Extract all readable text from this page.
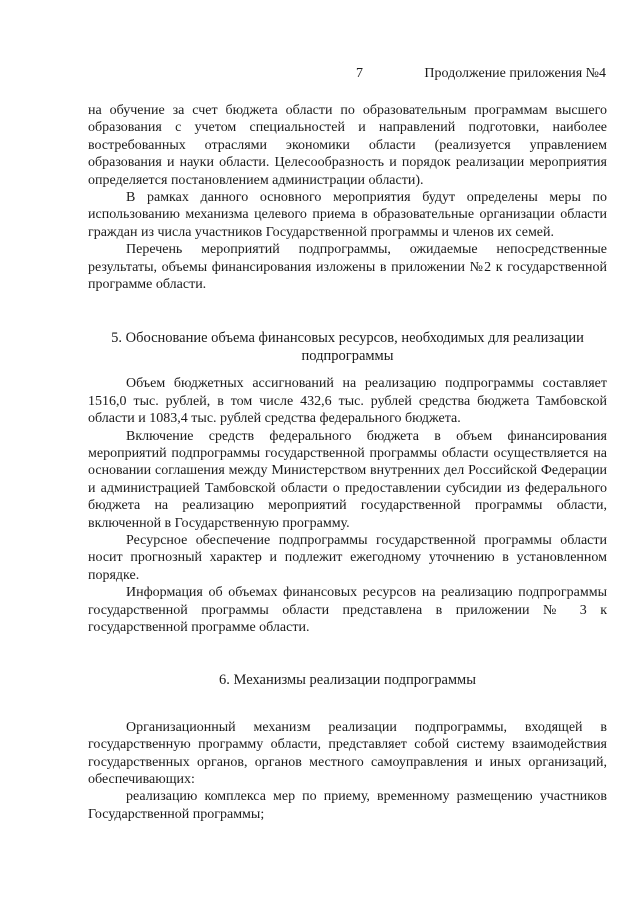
7	Продолжение приложения №4

на обучение за счет бюджета области по образовательным программам высшего образования с учетом специальностей и направлений подготовки, наиболее востребованных отраслями экономики области (реализуется управлением образования и науки области. Целесообразность и порядок реализации мероприятия определяется постановлением администрации области).

В рамках данного основного мероприятия будут определены меры по использованию механизма целевого приема в образовательные организации области граждан из числа участников Государственной программы и членов их семей.

Перечень мероприятий подпрограммы, ожидаемые непосредственные результаты, объемы финансирования изложены в приложении №2 к государственной программе области.

5. Обоснование объема финансовых ресурсов, необходимых для реализации подпрограммы

Объем бюджетных ассигнований на реализацию подпрограммы составляет 1516,0 тыс. рублей, в том числе 432,6 тыс. рублей средства бюджета Тамбовской области и 1083,4 тыс. рублей средства федерального бюджета.

Включение средств федерального бюджета в объем финансирования мероприятий подпрограммы государственной программы области осуществляется на основании соглашения между Министерством внутренних дел Российской Федерации и администрацией Тамбовской области о предоставлении субсидии из федерального бюджета на реализацию мероприятий государственной программы области, включенной в Государственную программу.

Ресурсное обеспечение подпрограммы государственной программы области носит прогнозный характер и подлежит ежегодному уточнению в установленном порядке.

Информация об объемах финансовых ресурсов на реализацию подпрограммы государственной программы области представлена в приложении № 3 к государственной программе области.

6. Механизмы реализации подпрограммы

Организационный механизм реализации подпрограммы, входящей в государственную программу области, представляет собой систему взаимодействия государственных органов, органов местного самоуправления и иных организаций, обеспечивающих:

реализацию комплекса мер по приему, временному размещению участников Государственной программы;
